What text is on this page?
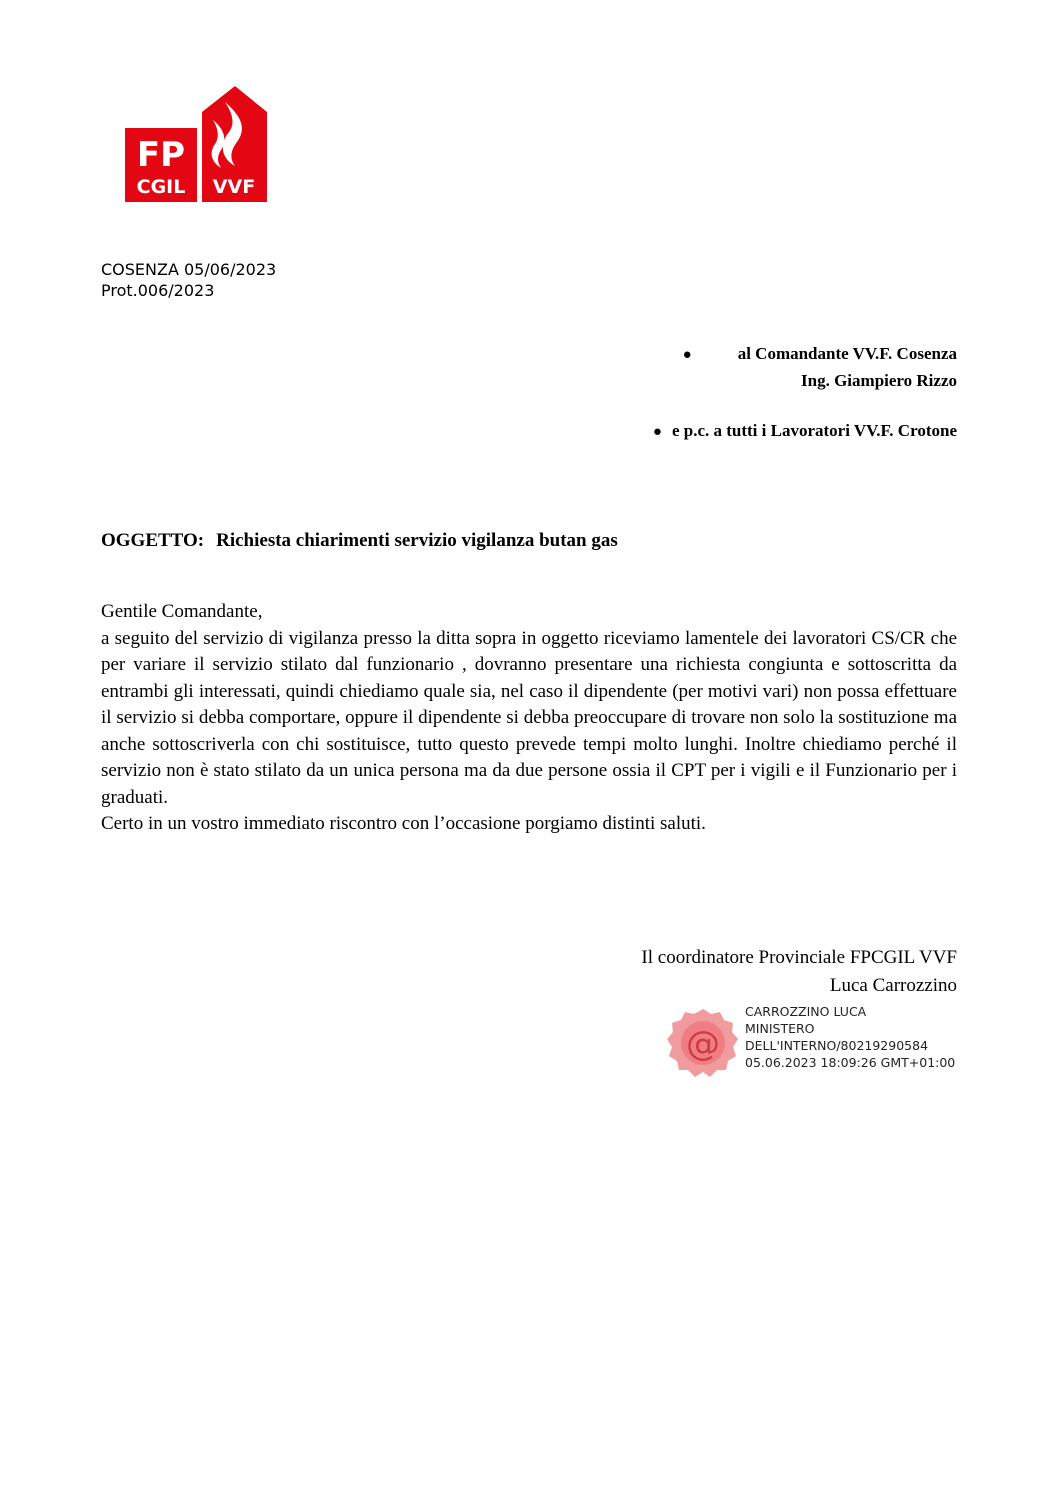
FP
CGIL VVF
COSENZA 05/06/2023
Prot.006/2023
●	al Comandante VV.F. Cosenza
Ing. Giampiero Rizzo
● e p.c. a tutti i Lavoratori VV.F. Crotone
OGGETTO: Richiesta chiarimenti servizio vigilanza butan gas
Gentile Comandante,
a seguito del servizio di vigilanza presso la ditta sopra in oggetto riceviamo lamentele dei lavoratori CS/CR che per variare il servizio stilato dal funzionario , dovranno presentare una richiesta congiunta e sottoscritta da entrambi gli interessati, quindi chiediamo quale sia, nel caso il dipendente (per motivi vari) non possa effettuare il servizio si debba comportare, oppure il dipendente si debba preoccupare di trovare non solo la sostituzione ma anche sottoscriverla con chi sostituisce, tutto questo prevede tempi molto lunghi. Inoltre chiediamo perché il servizio non è stato stilato da un unica persona ma da due persone ossia il CPT per i vigili e il Funzionario per i graduati.
Certo in un vostro immediato riscontro con l’occasione porgiamo distinti saluti.
Il coordinatore Provinciale FPCGIL VVF
Luca Carrozzino
@
CARROZZINO LUCA
MINISTERO
DELL'INTERNO/80219290584
05.06.2023 18:09:26 GMT+01:00
